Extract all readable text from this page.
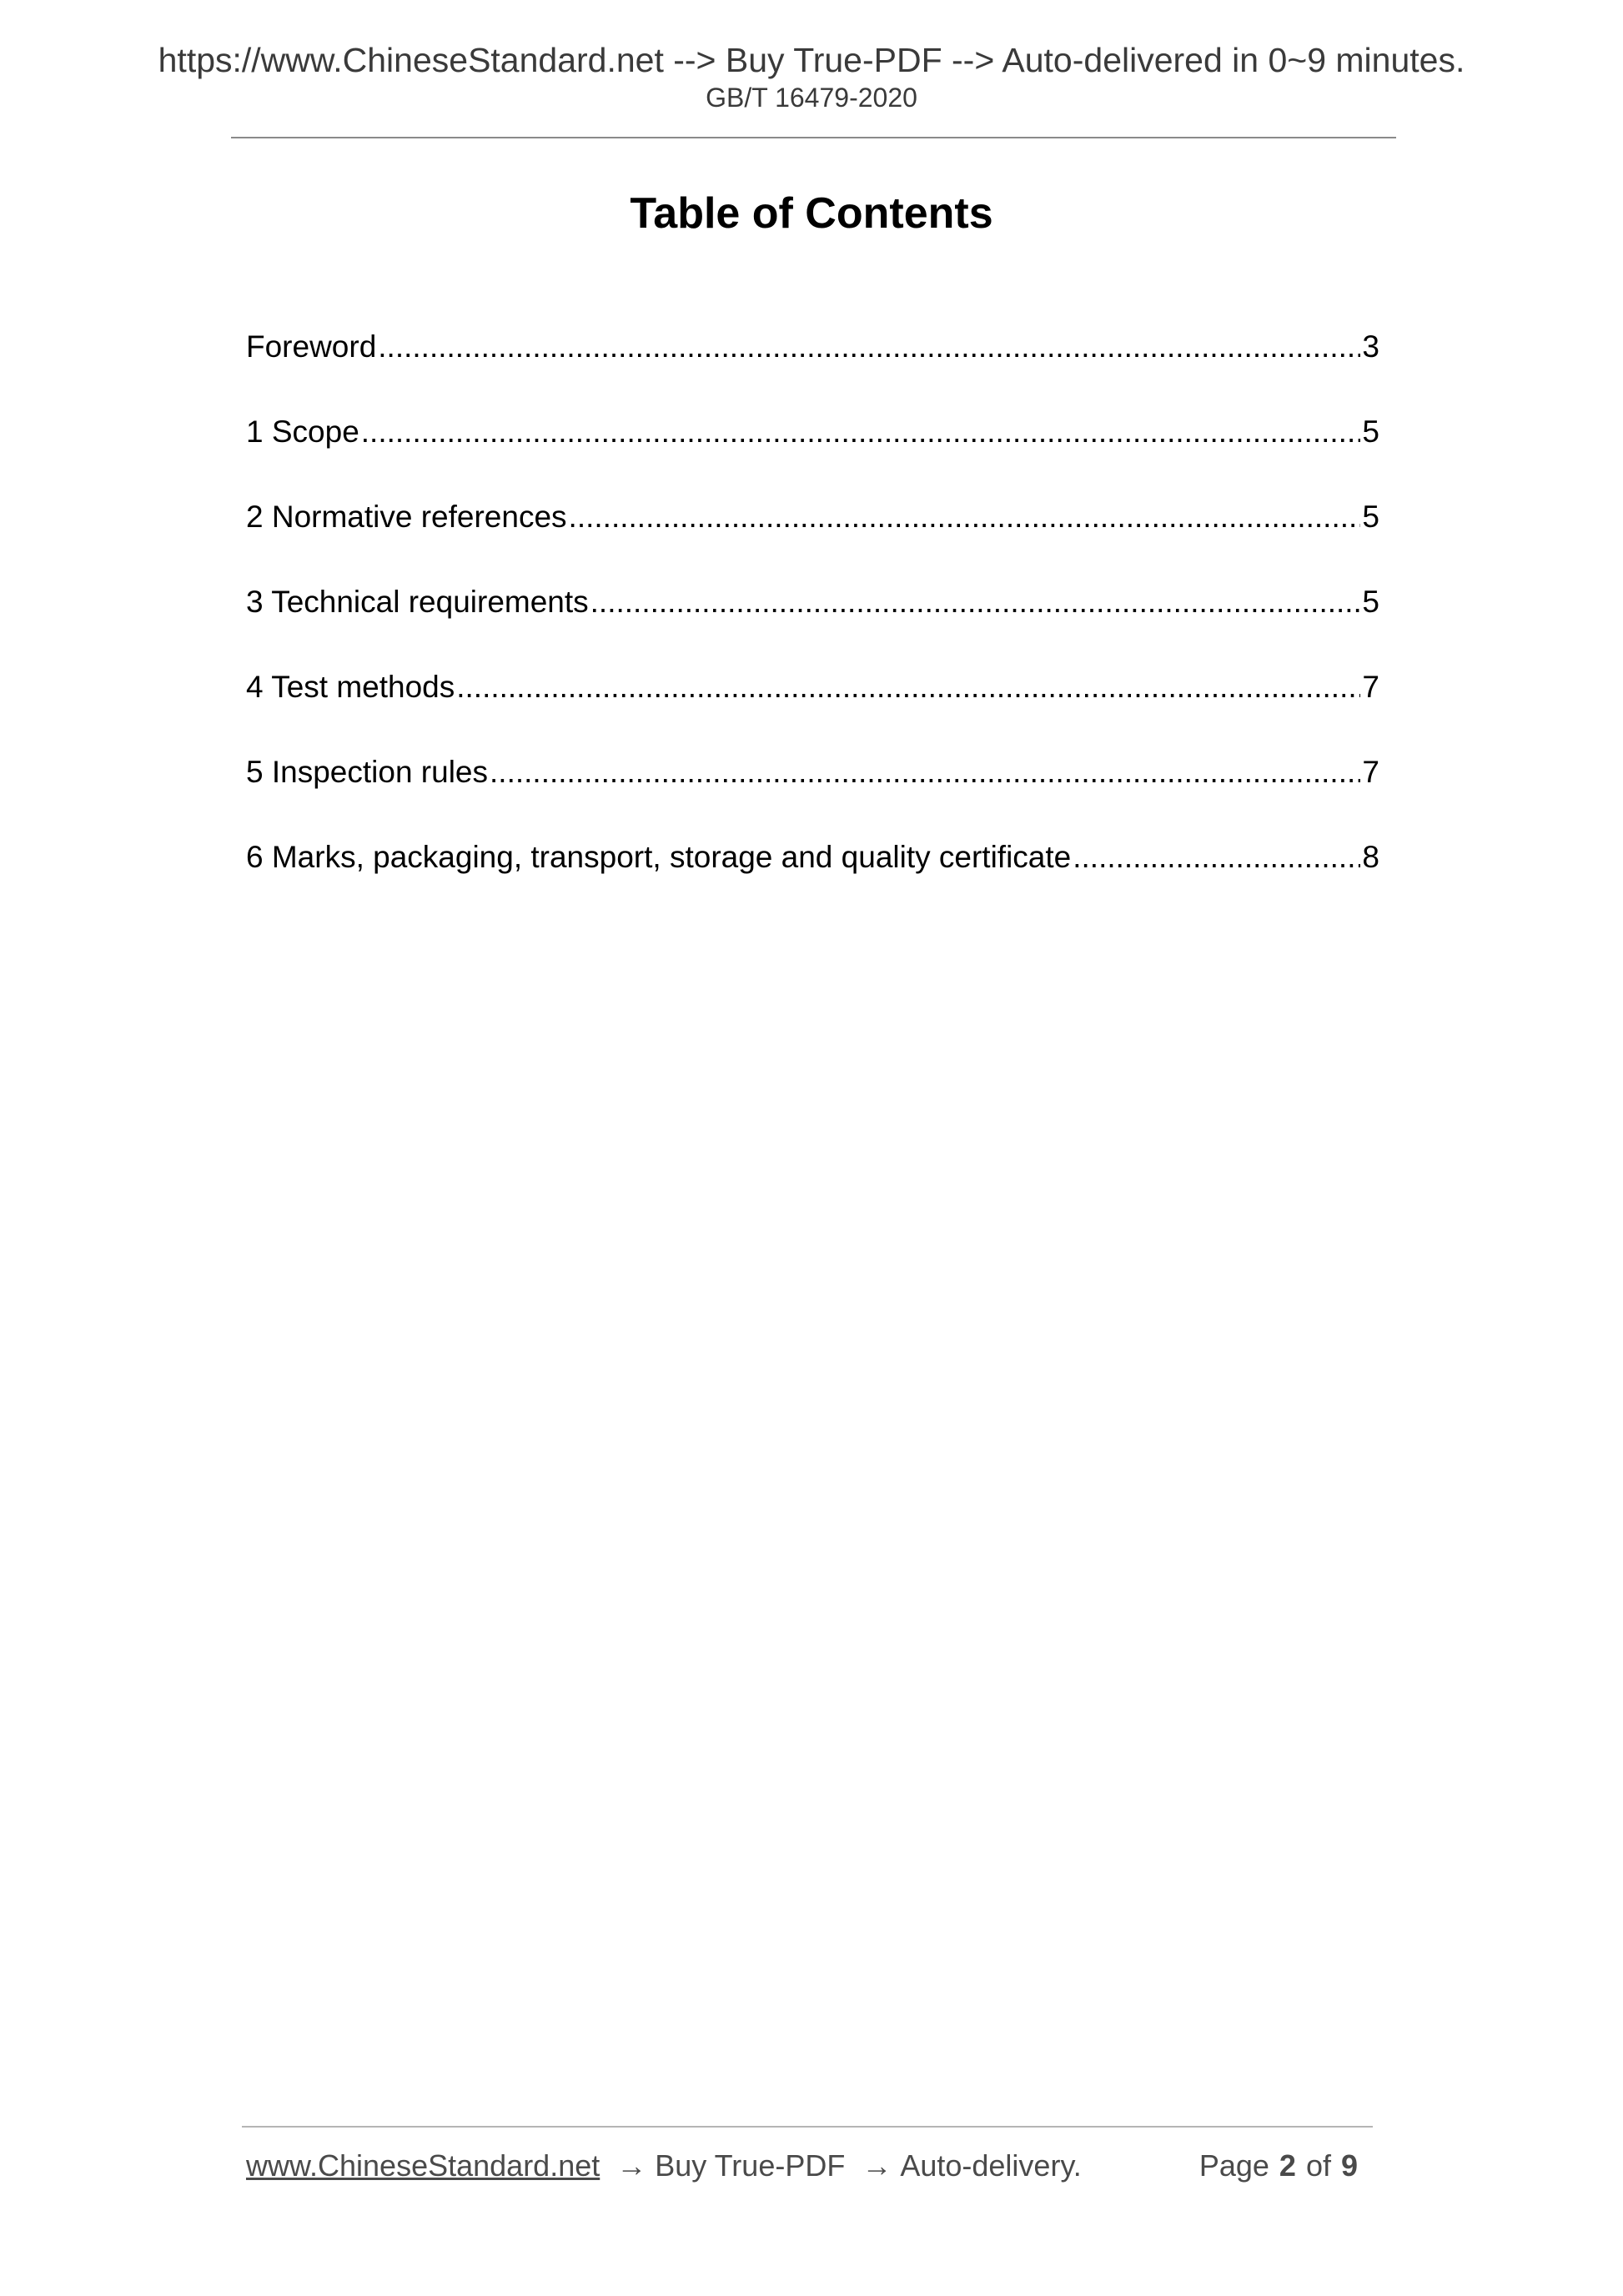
https://www.ChineseStandard.net --> Buy True-PDF --> Auto-delivered in 0~9 minutes.
GB/T 16479-2020
Table of Contents
Foreword .....	3
1 Scope .....	5
2 Normative references .....	5
3 Technical requirements .....	5
4 Test methods .....	7
5 Inspection rules .....	7
6 Marks, packaging, transport, storage and quality certificate .....	8
www.ChineseStandard.net → Buy True-PDF → Auto-delivery.	Page 2 of 9
